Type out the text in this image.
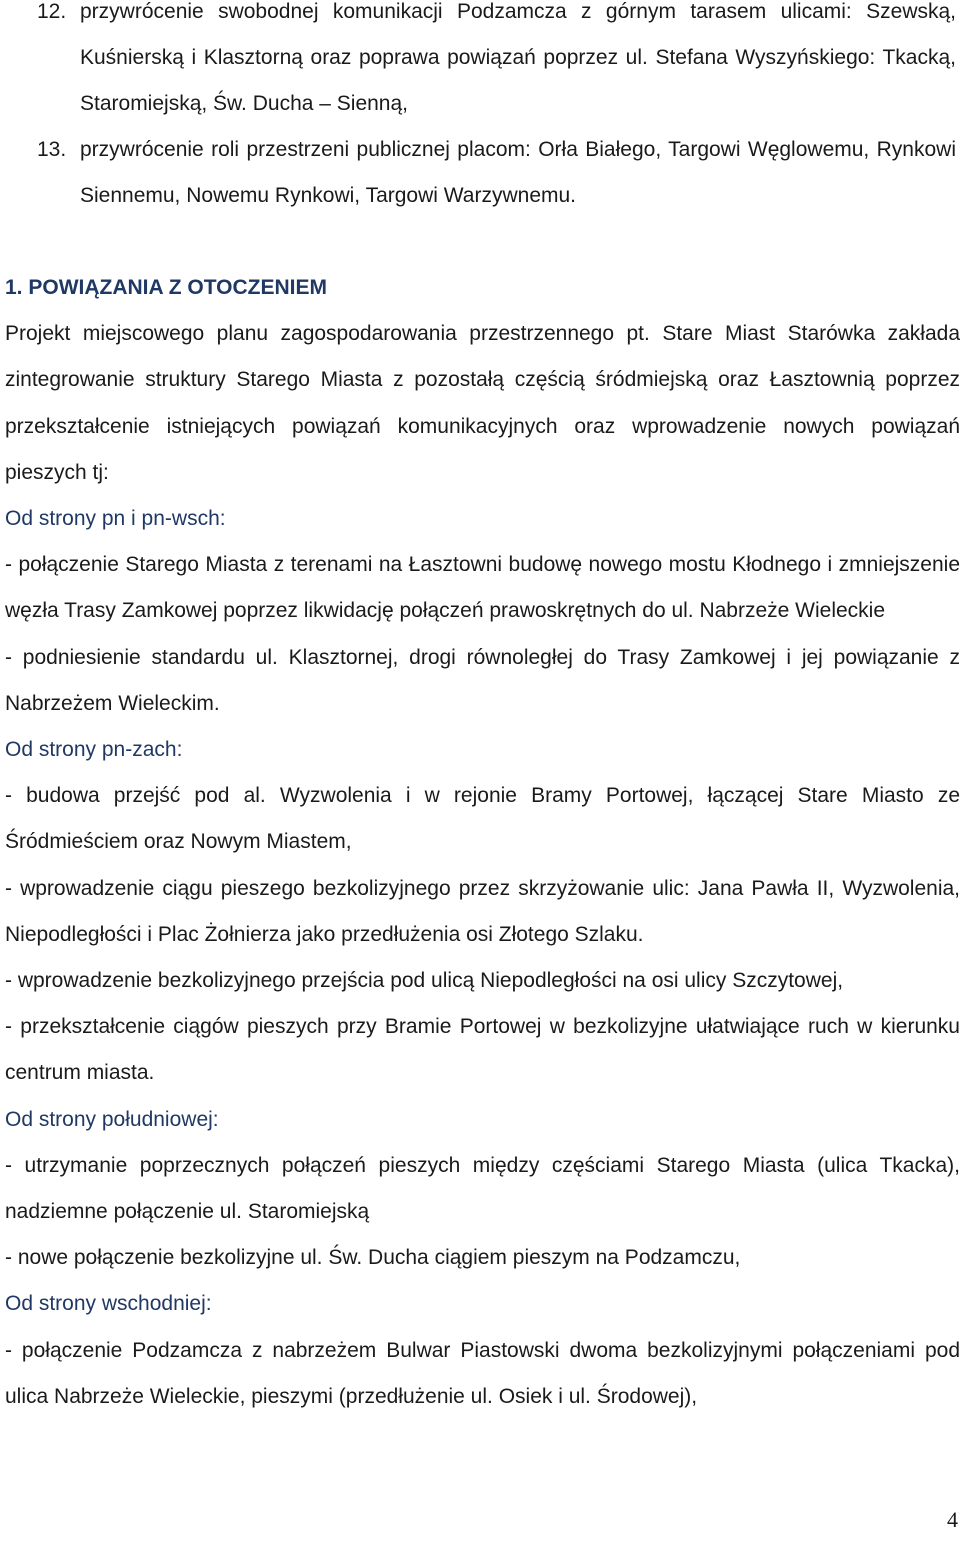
12. przywrócenie swobodnej komunikacji Podzamcza z górnym tarasem ulicami: Szewską, Kuśnierską i Klasztorną oraz poprawa powiązań poprzez ul. Stefana Wyszyńskiego: Tkacką, Staromiejską, Św. Ducha – Sienną,
13. przywrócenie roli przestrzeni publicznej placom: Orła Białego, Targowi Węglowemu, Rynkowi Siennemu, Nowemu Rynkowi, Targowi Warzywnemu.

1. POWIĄZANIA Z OTOCZENIEM

Projekt miejscowego planu zagospodarowania przestrzennego pt. Stare Miast Starówka zakłada zintegrowanie struktury Starego Miasta z pozostałą częścią śródmiejską oraz Łasztownią poprzez przekształcenie istniejących powiązań komunikacyjnych oraz wprowadzenie nowych powiązań pieszych tj:

Od strony pn i pn-wsch:

- połączenie Starego Miasta z terenami na Łasztowni budowę nowego mostu Kłodnego i zmniejszenie węzła Trasy Zamkowej poprzez likwidację połączeń prawoskrętnych do ul. Nabrzeże Wieleckie

- podniesienie standardu ul. Klasztornej, drogi równoległej do Trasy Zamkowej i jej powiązanie z Nabrzeżem Wieleckim.

Od strony pn-zach:

- budowa przejść pod al. Wyzwolenia i w rejonie Bramy Portowej, łączącej Stare Miasto ze Śródmieściem oraz Nowym Miastem,

- wprowadzenie ciągu pieszego bezkolizyjnego przez skrzyżowanie ulic: Jana Pawła II, Wyzwolenia, Niepodległości i Plac Żołnierza jako przedłużenia osi Złotego Szlaku.

- wprowadzenie bezkolizyjnego przejścia pod ulicą Niepodległości na osi ulicy Szczytowej,

- przekształcenie ciągów pieszych przy Bramie Portowej w bezkolizyjne ułatwiające ruch w kierunku centrum miasta.

Od strony południowej:

- utrzymanie poprzecznych połączeń pieszych między częściami Starego Miasta (ulica Tkacka), nadziemne połączenie ul. Staromiejską

- nowe połączenie bezkolizyjne ul. Św. Ducha ciągiem pieszym na Podzamczu,

Od strony wschodniej:

- połączenie Podzamcza z nabrzeżem Bulwar Piastowski dwoma bezkolizyjnymi połączeniami pod ulica Nabrzeże Wieleckie, pieszymi (przedłużenie ul. Osiek i ul. Środowej),

4
